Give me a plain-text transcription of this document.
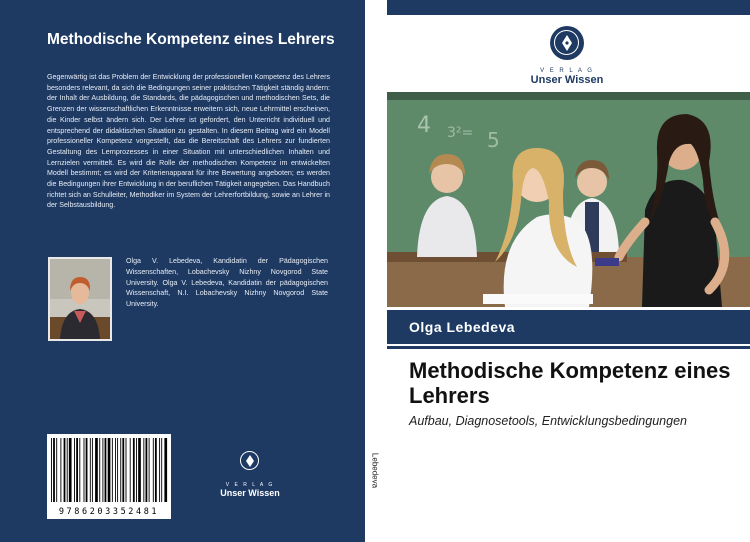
Methodische Kompetenz eines Lehrers

Gegenwärtig ist das Problem der Entwicklung der professionellen Kompetenz des Lehrers besonders relevant, da sich die Bedingungen seiner praktischen Tätigkeit ständig ändern: der Inhalt der Ausbildung, die Standards, die pädagogischen und methodischen Sets, die Grenzen der wissenschaftlichen Erkenntnisse erweitern sich, neue Lehrmittel erscheinen, die Kinder selbst ändern sich. Der Lehrer ist gefordert, den Unterricht individuell und entsprechend der didaktischen Situation zu gestalten. In diesem Beitrag wird ein Modell professioneller Kompetenz vorgestellt, das die Bereitschaft des Lehrers zur fundierten Gestaltung des Lernprozesses in einer Situation mit unterschiedlichen Inhalten und Lernzielen vermittelt. Es wird die Rolle der methodischen Kompetenz im entwickelten Modell bestimmt; es wird der Kriterienapparat für ihre Bewertung angeboten; es werden die Bedingungen ihrer Entwicklung in der beruflichen Tätigkeit angegeben. Das Handbuch richtet sich an Schulleiter, Methodiker im System der Lehrerfortbildung, sowie an Lehrer in der Selbstausbildung.

Olga V. Lebedeva, Kandidatin der Pädagogischen Wissenschaften, Lobachevsky Nizhny Novgorod State University. Olga V. Lebedeva, Kandidatin der pädagogischen Wissenschaft, N.I. Lobachevsky Nizhny Novgorod State University.

9786203352481
V E R L A G
Unser Wissen
Lebedeva
V E R L A G
Unser Wissen
4 3²= 5
Olga Lebedeva
Methodische Kompetenz eines Lehrers
Aufbau, Diagnosetools, Entwicklungsbedingungen
